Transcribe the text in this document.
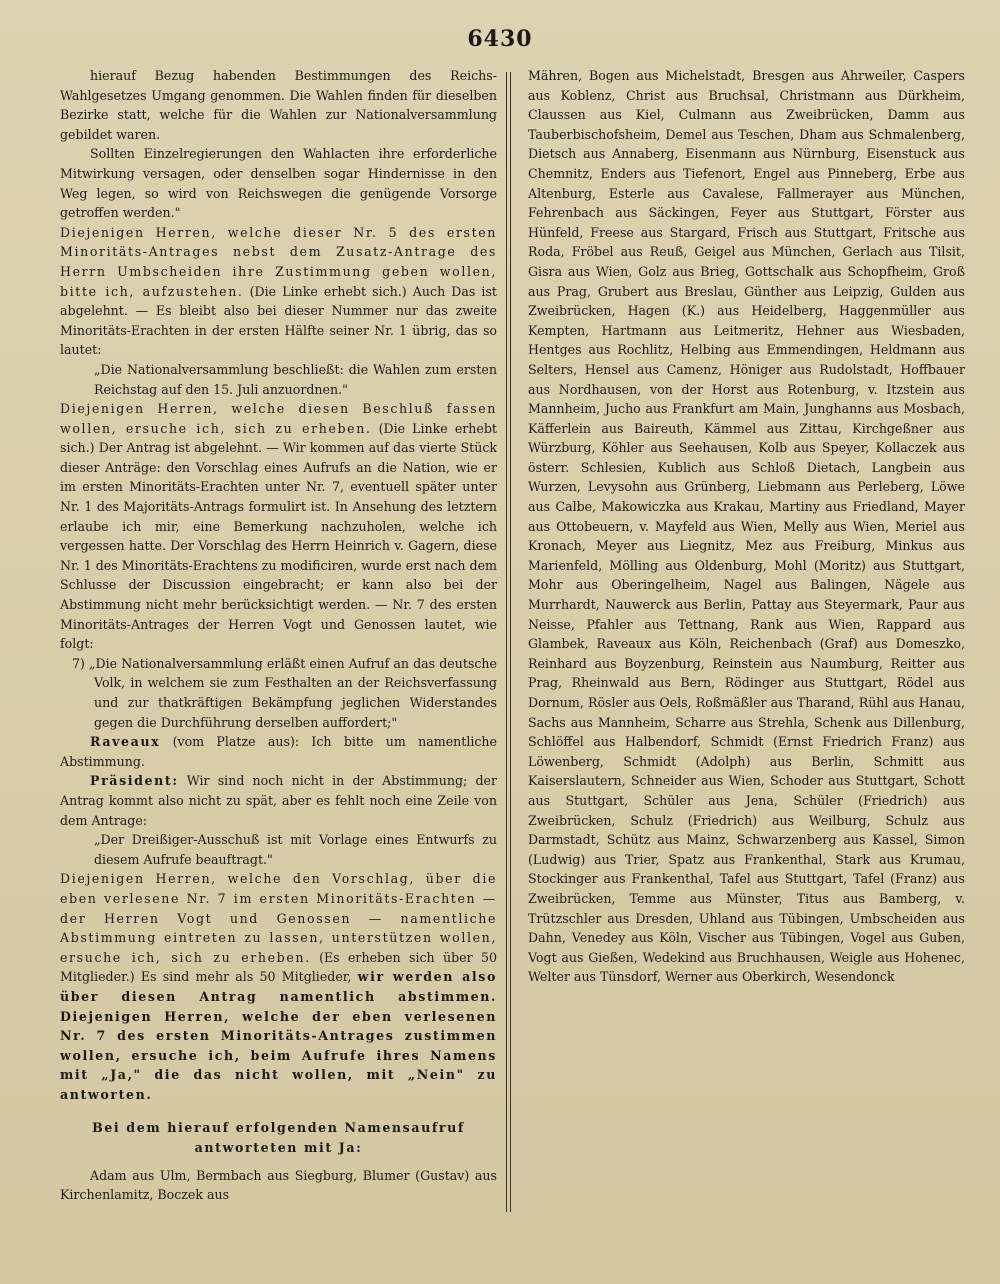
6430

hierauf Bezug habenden Bestimmungen des Reichs-Wahlgesetzes Umgang genommen. Die Wahlen finden für dieselben Bezirke statt, welche für die Wahlen zur Nationalversammlung gebildet waren.

Sollten Einzelregierungen den Wahlacten ihre erforderliche Mitwirkung versagen, oder denselben sogar Hindernisse in den Weg legen, so wird von Reichswegen die genügende Vorsorge getroffen werden."

Diejenigen Herren, welche dieser Nr. 5 des ersten Minoritäts-Antrages nebst dem Zusatz-Antrage des Herrn Umbscheiden ihre Zustimmung geben wollen, bitte ich, aufzustehen. (Die Linke erhebt sich.) Auch Das ist abgelehnt. — Es bleibt also bei dieser Nummer nur das zweite Minoritäts-Erachten in der ersten Hälfte seiner Nr. 1 übrig, das so lautet:

„Die Nationalversammlung beschließt: die Wahlen zum ersten Reichstag auf den 15. Juli anzuordnen."

Diejenigen Herren, welche diesen Beschluß fassen wollen, ersuche ich, sich zu erheben. (Die Linke erhebt sich.) Der Antrag ist abgelehnt. — Wir kommen auf das vierte Stück dieser Anträge: den Vorschlag eines Aufrufs an die Nation, wie er im ersten Minoritäts-Erachten unter Nr. 7, eventuell später unter Nr. 1 des Majoritäts-Antrags formulirt ist. In Ansehung des letztern erlaube ich mir, eine Bemerkung nachzuholen, welche ich vergessen hatte. Der Vorschlag des Herrn Heinrich v. Gagern, diese Nr. 1 des Minoritäts-Erachtens zu modificiren, wurde erst nach dem Schlusse der Discussion eingebracht; er kann also bei der Abstimmung nicht mehr berücksichtigt werden. — Nr. 7 des ersten Minoritäts-Antrages der Herren Vogt und Genossen lautet, wie folgt:

7) „Die Nationalversammlung erläßt einen Aufruf an das deutsche Volk, in welchem sie zum Festhalten an der Reichsverfassung und zur thatkräftigen Bekämpfung jeglichen Widerstandes gegen die Durchführung derselben auffordert;"

Raveaux (vom Platze aus): Ich bitte um namentliche Abstimmung.

Präsident: Wir sind noch nicht in der Abstimmung; der Antrag kommt also nicht zu spät, aber es fehlt noch eine Zeile von dem Antrage:

„Der Dreißiger-Ausschuß ist mit Vorlage eines Entwurfs zu diesem Aufrufe beauftragt."

Diejenigen Herren, welche den Vorschlag, über die eben verlesene Nr. 7 im ersten Minoritäts-Erachten — der Herren Vogt und Genossen — namentliche Abstimmung eintreten zu lassen, unterstützen wollen, ersuche ich, sich zu erheben. (Es erheben sich über 50 Mitglieder.) Es sind mehr als 50 Mitglieder, wir werden also über diesen Antrag namentlich abstimmen. Diejenigen Herren, welche der eben verlesenen Nr. 7 des ersten Minoritäts-Antrages zustimmen wollen, ersuche ich, beim Aufrufe ihres Namens mit „Ja," die das nicht wollen, mit „Nein" zu antworten.

Bei dem hierauf erfolgenden Namensaufruf antworteten mit Ja:

Adam aus Ulm, Bermbach aus Siegburg, Blumer (Gustav) aus Kirchenlamitz, Boczek aus

Mähren, Bogen aus Michelstadt, Bresgen aus Ahrweiler, Caspers aus Koblenz, Christ aus Bruchsal, Christmann aus Dürkheim, Claussen aus Kiel, Culmann aus Zweibrücken, Damm aus Tauberbischofsheim, Demel aus Teschen, Dham aus Schmalenberg, Dietsch aus Annaberg, Eisenmann aus Nürnburg, Eisenstuck aus Chemnitz, Enders aus Tiefenort, Engel aus Pinneberg, Erbe aus Altenburg, Esterle aus Cavalese, Fallmerayer aus München, Fehrenbach aus Säckingen, Feyer aus Stuttgart, Förster aus Hünfeld, Freese aus Stargard, Frisch aus Stuttgart, Fritsche aus Roda, Fröbel aus Reuß, Geigel aus München, Gerlach aus Tilsit, Gisra aus Wien, Golz aus Brieg, Gottschalk aus Schopfheim, Groß aus Prag, Grubert aus Breslau, Günther aus Leipzig, Gulden aus Zweibrücken, Hagen (K.) aus Heidelberg, Haggenmüller aus Kempten, Hartmann aus Leitmeritz, Hehner aus Wiesbaden, Hentges aus Rochlitz, Helbing aus Emmendingen, Heldmann aus Selters, Hensel aus Camenz, Höniger aus Rudolstadt, Hoffbauer aus Nordhausen, von der Horst aus Rotenburg, v. Itzstein aus Mannheim, Jucho aus Frankfurt am Main, Junghanns aus Mosbach, Käfferlein aus Baireuth, Kämmel aus Zittau, Kirchgeßner aus Würzburg, Köhler aus Seehausen, Kolb aus Speyer, Kollaczek aus österr. Schlesien, Kublich aus Schloß Dietach, Langbein aus Wurzen, Levysohn aus Grünberg, Liebmann aus Perleberg, Löwe aus Calbe, Makowiczka aus Krakau, Martiny aus Friedland, Mayer aus Ottobeuern, v. Mayfeld aus Wien, Melly aus Wien, Meriel aus Kronach, Meyer aus Liegnitz, Mez aus Freiburg, Minkus aus Marienfeld, Mölling aus Oldenburg, Mohl (Moritz) aus Stuttgart, Mohr aus Oberingelheim, Nagel aus Balingen, Nägele aus Murrhardt, Nauwerck aus Berlin, Pattay aus Steyermark, Paur aus Neisse, Pfahler aus Tettnang, Rank aus Wien, Rappard aus Glambek, Raveaux aus Köln, Reichenbach (Graf) aus Domeszko, Reinhard aus Boyzenburg, Reinstein aus Naumburg, Reitter aus Prag, Rheinwald aus Bern, Rödinger aus Stuttgart, Rödel aus Dornum, Rösler aus Oels, Roßmäßler aus Tharand, Rühl aus Hanau, Sachs aus Mannheim, Scharre aus Strehla, Schenk aus Dillenburg, Schlöffel aus Halbendorf, Schmidt (Ernst Friedrich Franz) aus Löwenberg, Schmidt (Adolph) aus Berlin, Schmitt aus Kaiserslautern, Schneider aus Wien, Schoder aus Stuttgart, Schott aus Stuttgart, Schüler aus Jena, Schüler (Friedrich) aus Zweibrücken, Schulz (Friedrich) aus Weilburg, Schulz aus Darmstadt, Schütz aus Mainz, Schwarzenberg aus Kassel, Simon (Ludwig) aus Trier, Spatz aus Frankenthal, Stark aus Krumau, Stockinger aus Frankenthal, Tafel aus Stuttgart, Tafel (Franz) aus Zweibrücken, Temme aus Münster, Titus aus Bamberg, v. Trützschler aus Dresden, Uhland aus Tübingen, Umbscheiden aus Dahn, Venedey aus Köln, Vischer aus Tübingen, Vogel aus Guben, Vogt aus Gießen, Wedekind aus Bruchhausen, Weigle aus Hohenec, Welter aus Tünsdorf, Werner aus Oberkirch, Wesendonck
